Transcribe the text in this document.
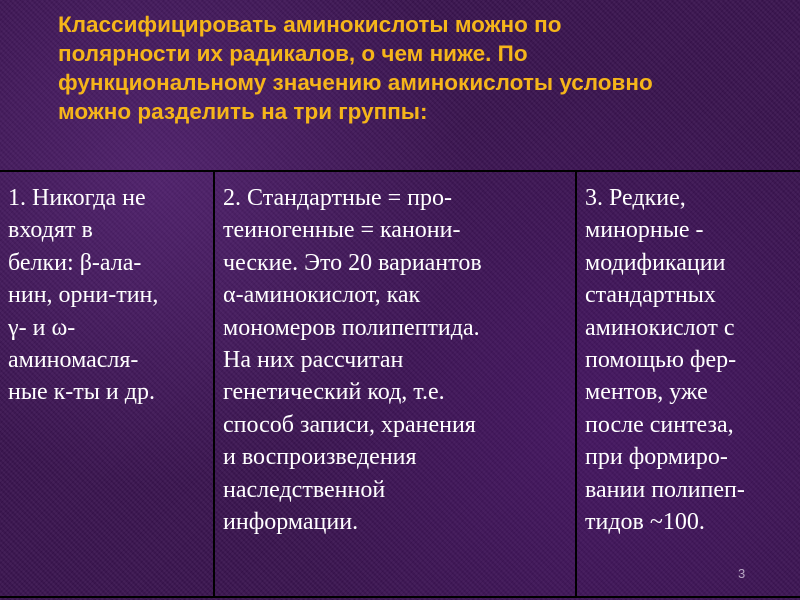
Классифицировать аминокислоты можно по
полярности их радикалов, о чем ниже. По
функциональному значению аминокислоты условно
можно разделить на три группы:
1. Никогда не
входят в
белки: β-ала-
нин, орни-тин,
γ- и ω-
аминомасля-
ные к-ты и др.
2. Стандартные = про-
теиногенные = канони-
ческие. Это 20 вариантов
α-аминокислот, как
мономеров полипептида.
На них рассчитан
генетический код, т.е.
способ записи, хранения
и воспроизведения
наследственной
информации.
3. Редкие,
минорные -
модификации
стандартных
аминокислот с
помощью фер-
ментов, уже
после синтеза,
при формиро-
вании полипеп-
тидов ~100.
3
